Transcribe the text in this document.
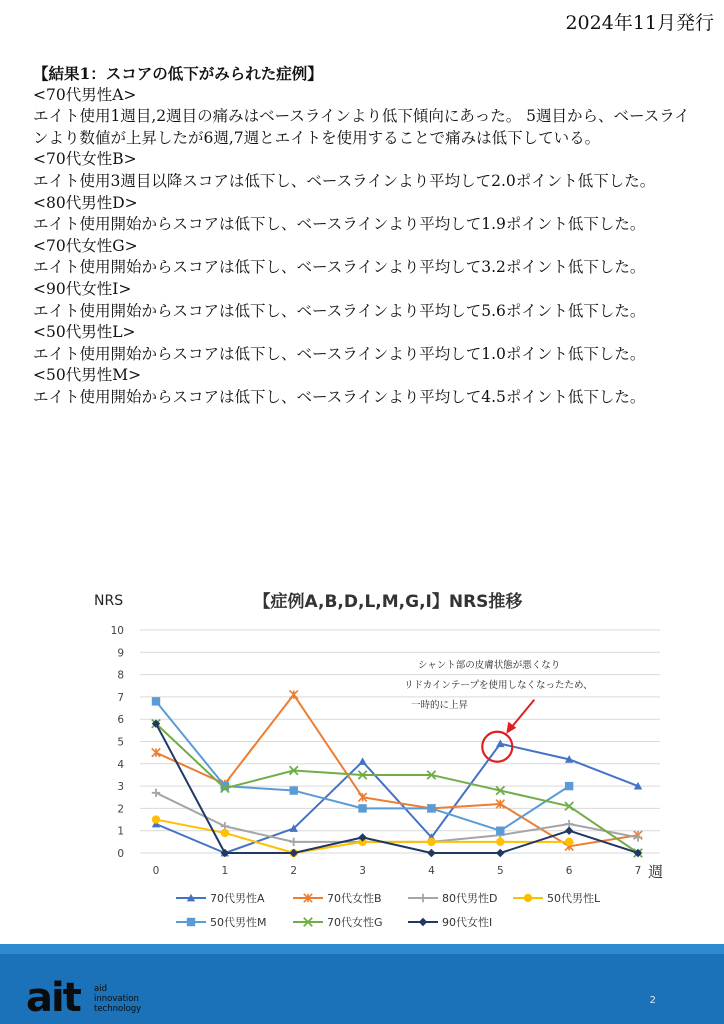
2024年11月発行

【結果1：スコアの低下がみられた症例】

<70代男性A>

エイト使用1週目,2週目の痛みはベースラインより低下傾向にあった。 5週目から、ベースラインより数値が上昇したが6週,7週とエイトを使用することで痛みは低下している。

<70代女性B>

エイト使用3週目以降スコアは低下し、ベースラインより平均して2.0ポイント低下した。

<80代男性D>

エイト使用開始からスコアは低下し、ベースラインより平均して1.9ポイント低下した。

<70代女性G>

エイト使用開始からスコアは低下し、ベースラインより平均して3.2ポイント低下した。

<90代女性I>

エイト使用開始からスコアは低下し、ベースラインより平均して5.6ポイント低下した。

<50代男性L>

エイト使用開始からスコアは低下し、ベースラインより平均して1.0ポイント低下した。

<50代男性M>

エイト使用開始からスコアは低下し、ベースラインより平均して4.5ポイント低下した。

【症例A,B,D,L,M,G,I】NRS推移
NRS
週
0
1
2
3
4
5
6
7
8
9
10
0	1	2	3	4	5	6	7
シャント部の皮膚状態が悪くなり
リドカインテープを使用しなくなったため、
一時的に上昇
70代男性A	70代女性B	80代男性D	50代男性L
50代男性M	70代女性G	90代女性I
ait aid
innovation
technology
2
